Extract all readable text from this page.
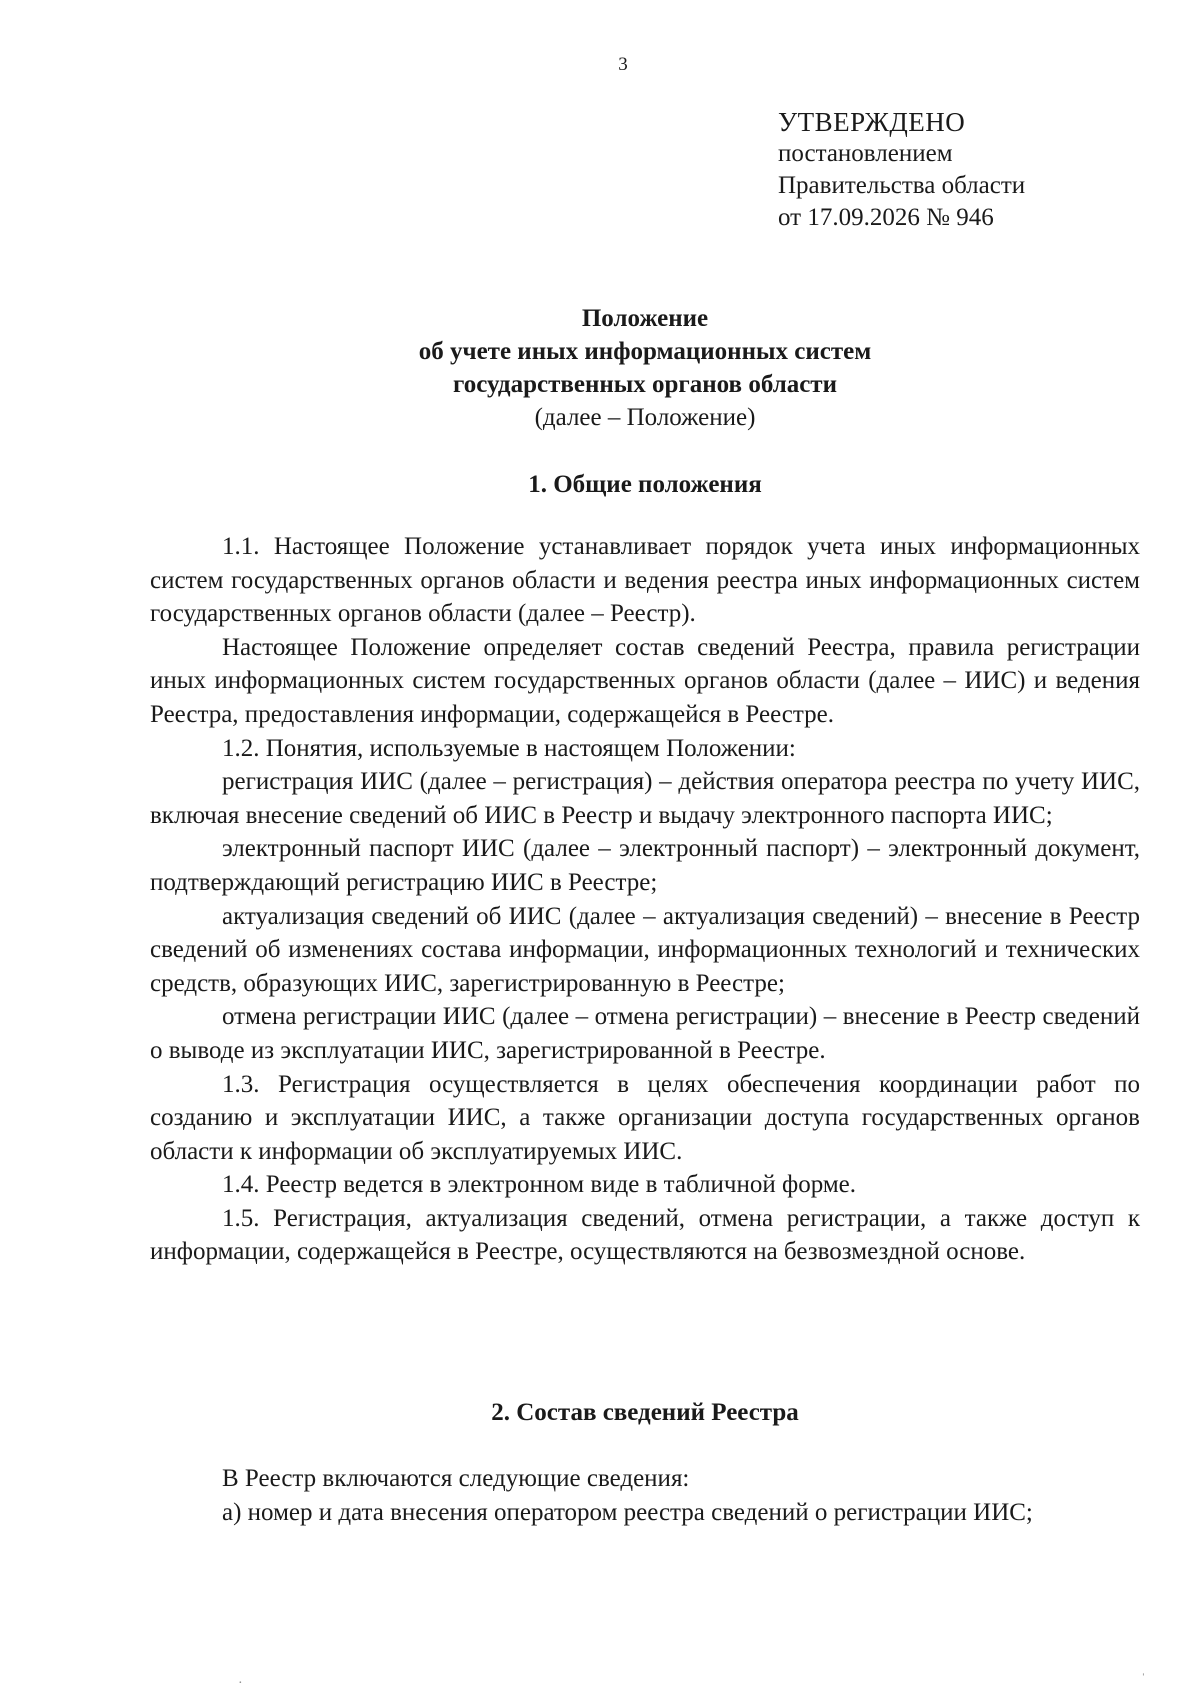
3
УТВЕРЖДЕНО
постановлением
Правительства области
от 17.09.2026 № 946
Положение
об учете иных информационных систем
государственных органов области
(далее – Положение)
1. Общие положения

1.1. Настоящее Положение устанавливает порядок учета иных информационных систем государственных органов области и ведения реестра иных информационных систем государственных органов области (далее – Реестр).

Настоящее Положение определяет состав сведений Реестра, правила регистрации иных информационных систем государственных органов области (далее – ИИС) и ведения Реестра, предоставления информации, содержащейся в Реестре.

1.2. Понятия, используемые в настоящем Положении:

регистрация ИИС (далее – регистрация) – действия оператора реестра по учету ИИС, включая внесение сведений об ИИС в Реестр и выдачу электронного паспорта ИИС;

электронный паспорт ИИС (далее – электронный паспорт) – электронный документ, подтверждающий регистрацию ИИС в Реестре;

актуализация сведений об ИИС (далее – актуализация сведений) – внесение в Реестр сведений об изменениях состава информации, информационных технологий и технических средств, образующих ИИС, зарегистрированную в Реестре;

отмена регистрации ИИС (далее – отмена регистрации) – внесение в Реестр сведений о выводе из эксплуатации ИИС, зарегистрированной в Реестре.

1.3. Регистрация осуществляется в целях обеспечения координации работ по созданию и эксплуатации ИИС, а также организации доступа государственных органов области к информации об эксплуатируемых ИИС.

1.4. Реестр ведется в электронном виде в табличной форме.

1.5. Регистрация, актуализация сведений, отмена регистрации, а также доступ к информации, содержащейся в Реестре, осуществляются на безвозмездной основе.

2. Состав сведений Реестра

В Реестр включаются следующие сведения:

а) номер и дата внесения оператором реестра сведений о регистрации ИИС;

·	ˈ
